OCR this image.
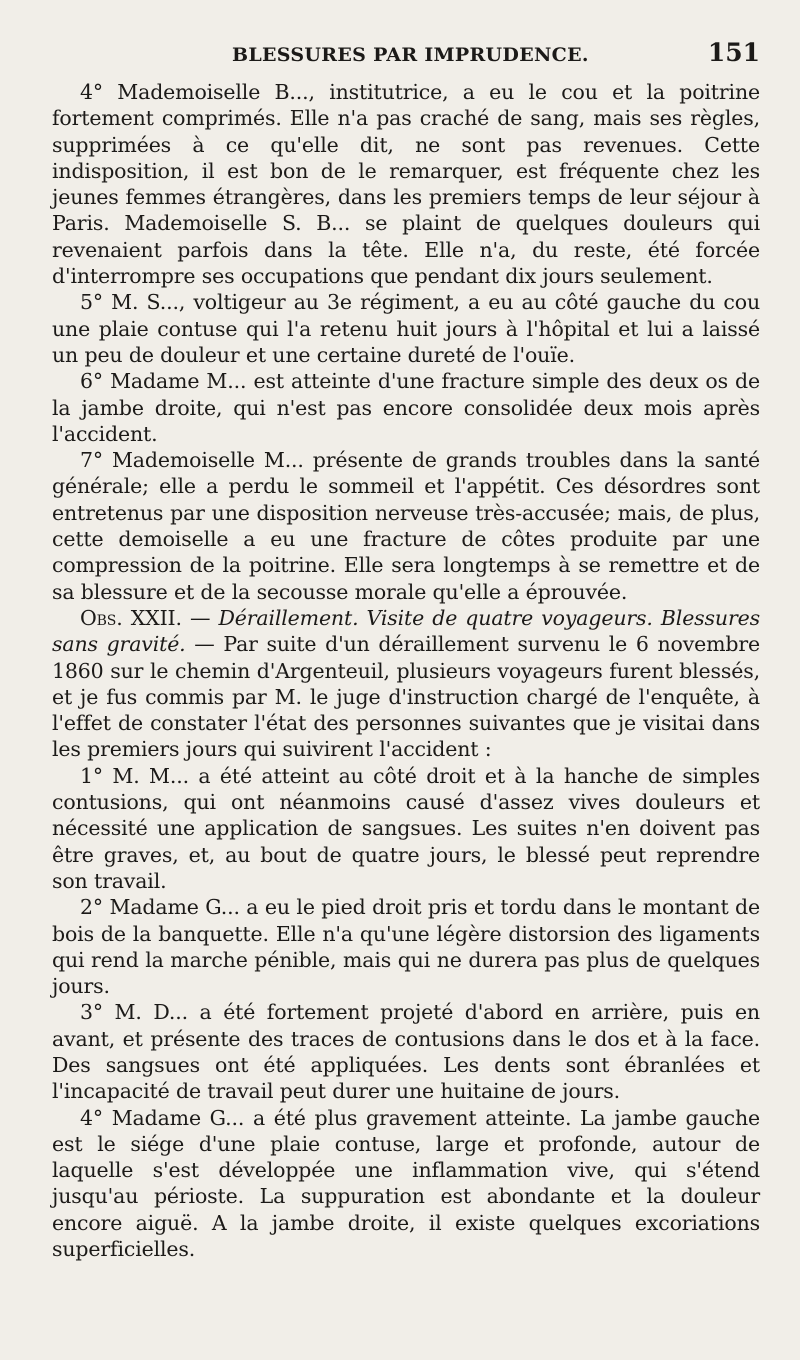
BLESSURES PAR IMPRUDENCE.	151

4° Mademoiselle B..., institutrice, a eu le cou et la poitrine fortement comprimés. Elle n'a pas craché de sang, mais ses règles, supprimées à ce qu'elle dit, ne sont pas revenues. Cette indisposition, il est bon de le remarquer, est fréquente chez les jeunes femmes étrangères, dans les premiers temps de leur séjour à Paris. Mademoiselle S. B... se plaint de quelques douleurs qui revenaient parfois dans la tête. Elle n'a, du reste, été forcée d'interrompre ses occupations que pendant dix jours seulement.

5° M. S..., voltigeur au 3e régiment, a eu au côté gauche du cou une plaie contuse qui l'a retenu huit jours à l'hôpital et lui a laissé un peu de douleur et une certaine dureté de l'ouïe.

6° Madame M... est atteinte d'une fracture simple des deux os de la jambe droite, qui n'est pas encore consolidée deux mois après l'accident.

7° Mademoiselle M... présente de grands troubles dans la santé générale; elle a perdu le sommeil et l'appétit. Ces désordres sont entretenus par une disposition nerveuse très-accusée; mais, de plus, cette demoiselle a eu une fracture de côtes produite par une compression de la poitrine. Elle sera longtemps à se remettre et de sa blessure et de la secousse morale qu'elle a éprouvée.

Obs. XXII. — Déraillement. Visite de quatre voyageurs. Blessures sans gravité. — Par suite d'un déraillement survenu le 6 novembre 1860 sur le chemin d'Argenteuil, plusieurs voyageurs furent blessés, et je fus commis par M. le juge d'instruction chargé de l'enquête, à l'effet de constater l'état des personnes suivantes que je visitai dans les premiers jours qui suivirent l'accident :

1° M. M... a été atteint au côté droit et à la hanche de simples contusions, qui ont néanmoins causé d'assez vives douleurs et nécessité une application de sangsues. Les suites n'en doivent pas être graves, et, au bout de quatre jours, le blessé peut reprendre son travail.

2° Madame G... a eu le pied droit pris et tordu dans le montant de bois de la banquette. Elle n'a qu'une légère distorsion des ligaments qui rend la marche pénible, mais qui ne durera pas plus de quelques jours.

3° M. D... a été fortement projeté d'abord en arrière, puis en avant, et présente des traces de contusions dans le dos et à la face. Des sangsues ont été appliquées. Les dents sont ébranlées et l'incapacité de travail peut durer une huitaine de jours.

4° Madame G... a été plus gravement atteinte. La jambe gauche est le siége d'une plaie contuse, large et profonde, autour de laquelle s'est développée une inflammation vive, qui s'étend jusqu'au périoste. La suppuration est abondante et la douleur encore aiguë. A la jambe droite, il existe quelques excoriations superficielles.
